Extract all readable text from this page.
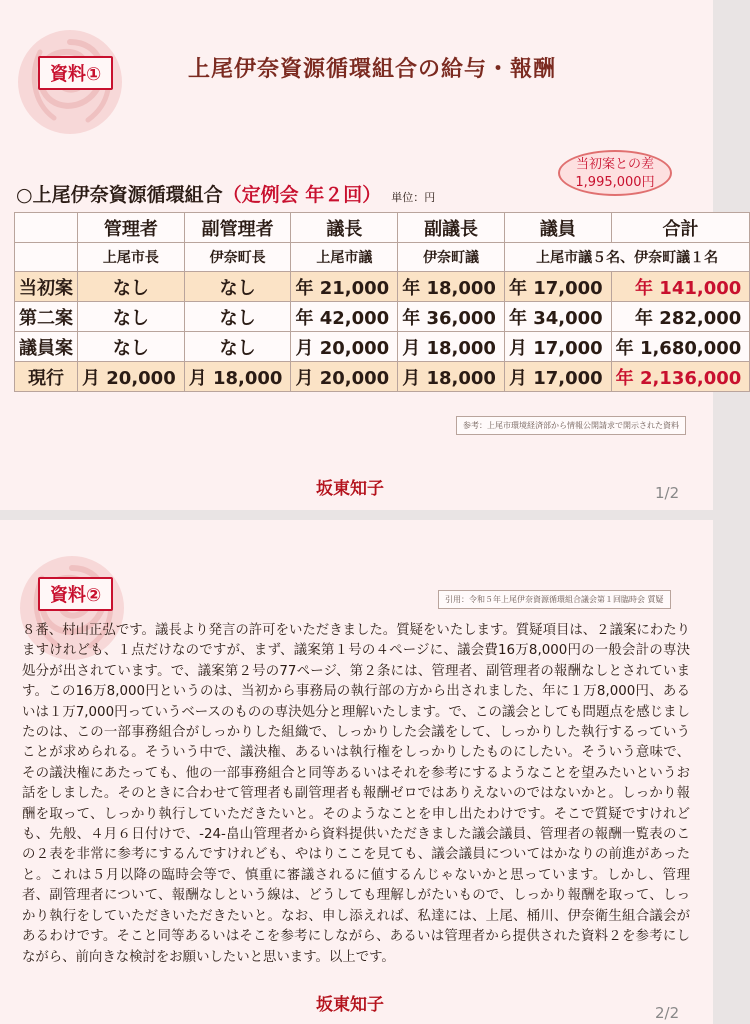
資料①	上尾伊奈資源循環組合の給与・報酬
当初案との差
1,995,000円
○上尾伊奈資源循環組合（定例会 年２回） 単位：円
	管理者	副管理者	議長	副議長	議員	合計
	上尾市長	伊奈町長	上尾市議	伊奈町議	上尾市議５名、伊奈町議１名	
当初案	なし	なし	年 21,000	年 18,000	年 17,000	年 141,000
第二案	なし	なし	年 42,000	年 36,000	年 34,000	年 282,000
議員案	なし	なし	月 20,000	月 18,000	月 17,000	年 1,680,000
現行	月 20,000	月 18,000	月 20,000	月 18,000	月 17,000	年 2,136,000
参考：上尾市環境経済部から情報公開請求で開示された資料
坂東知子	1/2
資料②	引用：令和５年上尾伊奈資源循環組合議会第１回臨時会 質疑
８番、村山正弘です。議長より発言の許可をいただきました。質疑をいたします。質疑項目は、２議案にわたりますけれども、１点だけなのですが、まず、議案第１号の４ページに、議会費16万8,000円の一般会計の専決処分が出されています。で、議案第２号の77ページ、第２条には、管理者、副管理者の報酬なしとされています。この16万8,000円というのは、当初から事務局の執行部の方から出されました、年に１万8,000円、あるいは１万7,000円っていうベースのものの専決処分と理解いたします。で、この議会としても問題点を感じましたのは、この一部事務組合がしっかりした組織で、しっかりした会議をして、しっかりした執行するっていうことが求められる。そういう中で、議決権、あるいは執行権をしっかりしたものにしたい。そういう意味で、その議決権にあたっても、他の一部事務組合と同等あるいはそれを参考にするようなことを望みたいというお話をしました。そのときに合わせて管理者も副管理者も報酬ゼロではありえないのではないかと。しっかり報酬を取って、しっかり執行していただきたいと。そのようなことを申し出たわけです。そこで質疑ですけれども、先般、４月６日付けで、-24-畠山管理者から資料提供いただきました議会議員、管理者の報酬一覧表のこの２表を非常に参考にするんですけれども、やはりここを見ても、議会議員についてはかなりの前進があったと。これは５月以降の臨時会等で、慎重に審議されるに値するんじゃないかと思っています。しかし、管理者、副管理者について、報酬なしという線は、どうしても理解しがたいもので、しっかり報酬を取って、しっかり執行をしていただきいただきたいと。なお、申し添えれば、私達には、上尾、桶川、伊奈衛生組合議会があるわけです。そこと同等あるいはそこを参考にしながら、あるいは管理者から提供された資料２を参考にしながら、前向きな検討をお願いしたいと思います。以上です。
坂東知子	2/2
